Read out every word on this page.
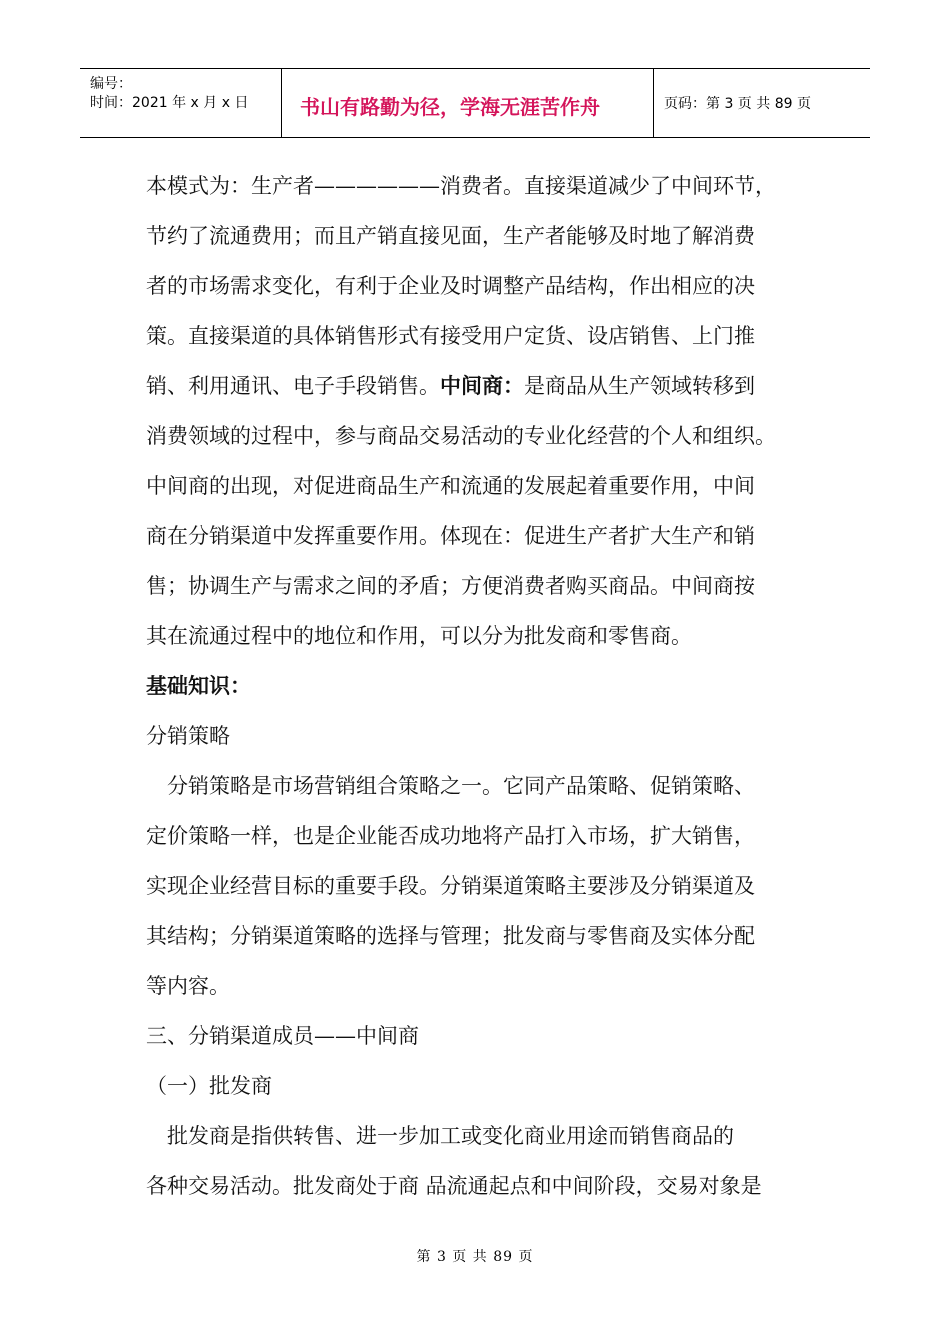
编号：
时间：2021 年 x 月 x 日	书山有路勤为径，学海无涯苦作舟	页码：第 3 页 共 89 页
本模式为：生产者——————消费者。直接渠道减少了中间环节，
节约了流通费用；而且产销直接见面，生产者能够及时地了解消费
者的市场需求变化，有利于企业及时调整产品结构，作出相应的决
策。直接渠道的具体销售形式有接受用户定货、设店销售、上门推
销、利用通讯、电子手段销售。中间商：是商品从生产领域转移到
消费领域的过程中，参与商品交易活动的专业化经营的个人和组织。
中间商的出现，对促进商品生产和流通的发展起着重要作用，中间
商在分销渠道中发挥重要作用。体现在：促进生产者扩大生产和销
售；协调生产与需求之间的矛盾；方便消费者购买商品。中间商按
其在流通过程中的地位和作用，可以分为批发商和零售商。
基础知识：
分销策略
　分销策略是市场营销组合策略之一。它同产品策略、促销策略、
定价策略一样，也是企业能否成功地将产品打入市场，扩大销售，
实现企业经营目标的重要手段。分销渠道策略主要涉及分销渠道及
其结构；分销渠道策略的选择与管理；批发商与零售商及实体分配
等内容。
三、分销渠道成员——中间商
（一）批发商
　批发商是指供转售、进一步加工或变化商业用途而销售商品的
各种交易活动。批发商处于商 品流通起点和中间阶段，交易对象是
第 3 页 共 89 页
